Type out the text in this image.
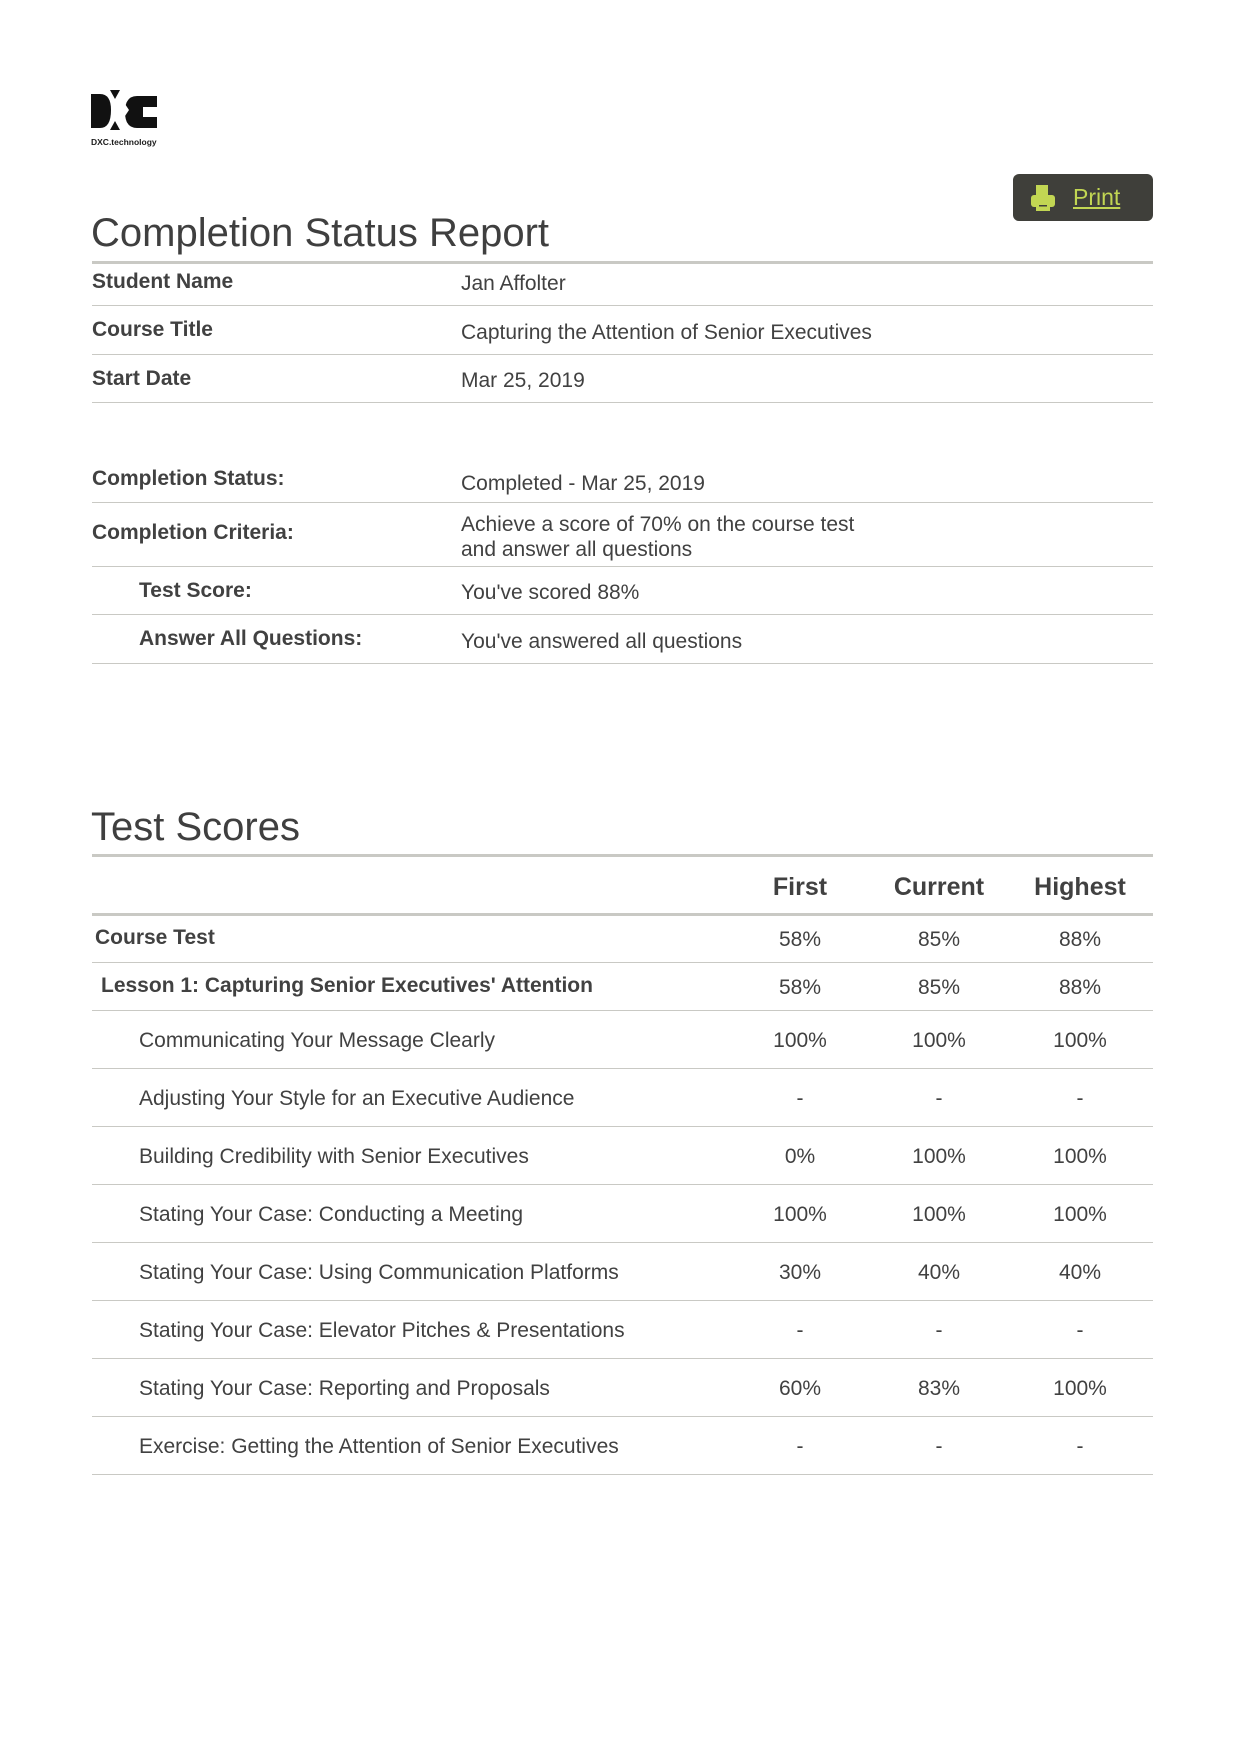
DXC.technology
Print
Completion Status Report
Student Name	Jan Affolter
Course Title	Capturing the Attention of Senior Executives
Start Date	Mar 25, 2019
Completion Status:	Completed - Mar 25, 2019
Completion Criteria:	Achieve a score of 70% on the course test
and answer all questions
Test Score:	You've scored 88%
Answer All Questions:	You've answered all questions
Test Scores
First	Current	Highest
Course Test	58%	85%	88%
Lesson 1: Capturing Senior Executives' Attention	58%	85%	88%
Communicating Your Message Clearly	100%	100%	100%
Adjusting Your Style for an Executive Audience	-	-	-
Building Credibility with Senior Executives	0%	100%	100%
Stating Your Case: Conducting a Meeting	100%	100%	100%
Stating Your Case: Using Communication Platforms	30%	40%	40%
Stating Your Case: Elevator Pitches & Presentations	-	-	-
Stating Your Case: Reporting and Proposals	60%	83%	100%
Exercise: Getting the Attention of Senior Executives	-	-	-
